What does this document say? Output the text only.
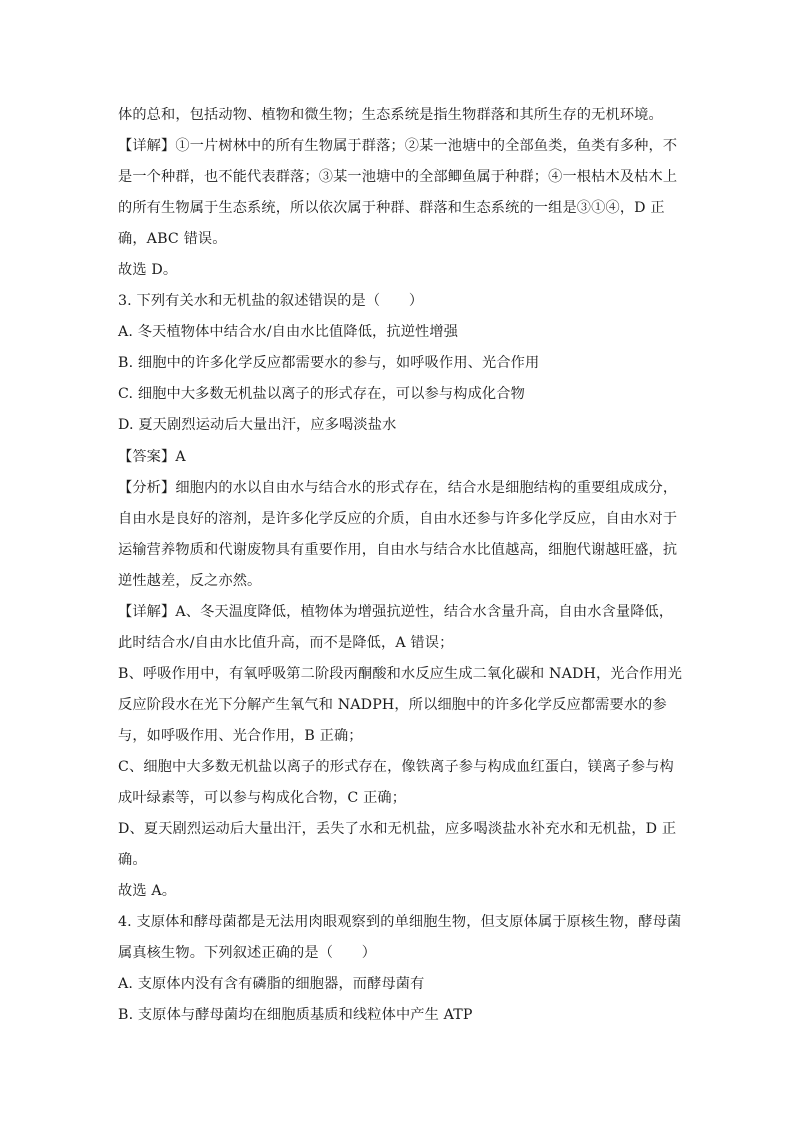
体的总和，包括动物、植物和微生物；生态系统是指生物群落和其所生存的无机环境。
【详解】①一片树林中的所有生物属于群落；②某一池塘中的全部鱼类，鱼类有多种，不
是一个种群，也不能代表群落；③某一池塘中的全部鲫鱼属于种群；④一根枯木及枯木上
的所有生物属于生态系统，所以依次属于种群、群落和生态系统的一组是③①④，D 正
确，ABC 错误。
故选 D。
3. 下列有关水和无机盐的叙述错误的是（　　）
A. 冬天植物体中结合水/自由水比值降低，抗逆性增强
B. 细胞中的许多化学反应都需要水的参与，如呼吸作用、光合作用
C. 细胞中大多数无机盐以离子的形式存在，可以参与构成化合物
D. 夏天剧烈运动后大量出汗，应多喝淡盐水
【答案】A
【分析】细胞内的水以自由水与结合水的形式存在，结合水是细胞结构的重要组成成分，
自由水是良好的溶剂，是许多化学反应的介质，自由水还参与许多化学反应，自由水对于
运输营养物质和代谢废物具有重要作用，自由水与结合水比值越高，细胞代谢越旺盛，抗
逆性越差，反之亦然。
【详解】A、冬天温度降低，植物体为增强抗逆性，结合水含量升高，自由水含量降低，
此时结合水/自由水比值升高，而不是降低，A 错误；
B、呼吸作用中，有氧呼吸第二阶段丙酮酸和水反应生成二氧化碳和 NADH，光合作用光
反应阶段水在光下分解产生氧气和 NADPH，所以细胞中的许多化学反应都需要水的参
与，如呼吸作用、光合作用，B 正确；
C、细胞中大多数无机盐以离子的形式存在，像铁离子参与构成血红蛋白，镁离子参与构
成叶绿素等，可以参与构成化合物，C 正确；
D、夏天剧烈运动后大量出汗，丢失了水和无机盐，应多喝淡盐水补充水和无机盐，D 正
确。
故选 A。
4. 支原体和酵母菌都是无法用肉眼观察到的单细胞生物，但支原体属于原核生物，酵母菌
属真核生物。下列叙述正确的是（　　）
A. 支原体内没有含有磷脂的细胞器，而酵母菌有
B. 支原体与酵母菌均在细胞质基质和线粒体中产生 ATP
